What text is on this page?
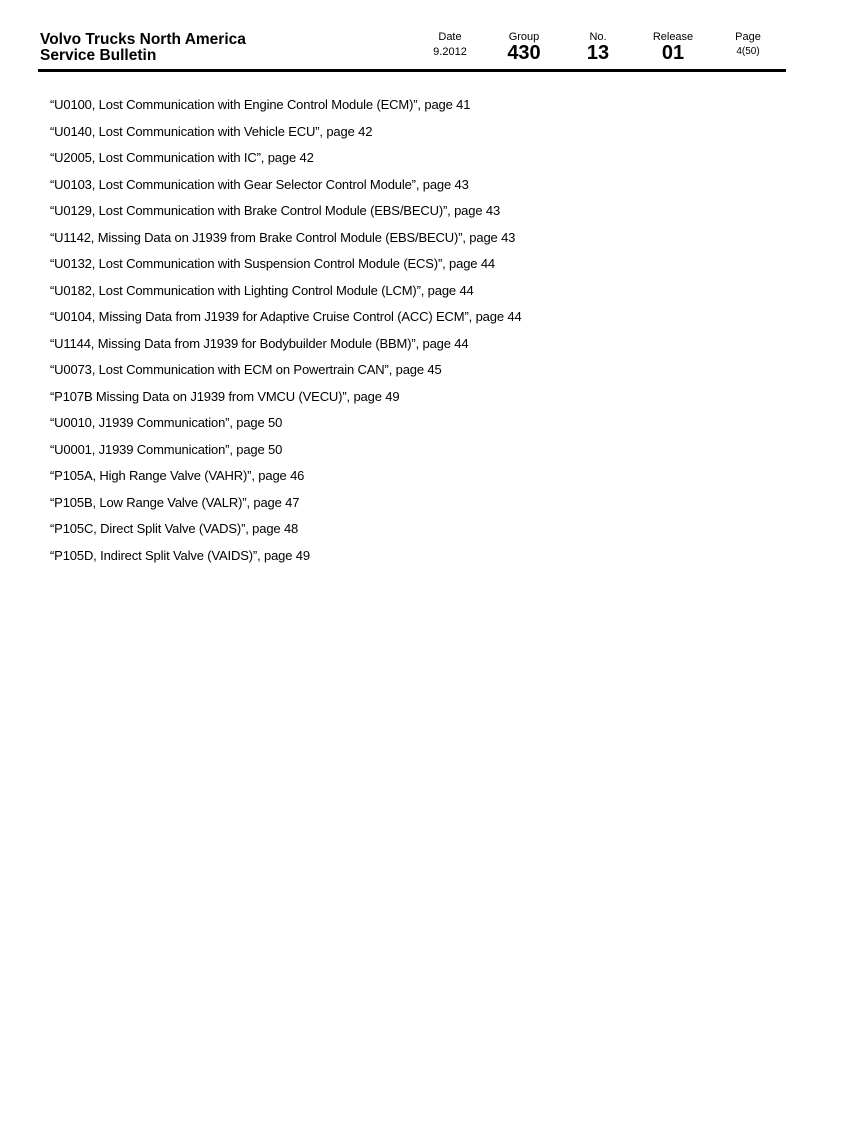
Volvo Trucks North America
Service Bulletin
Date
9.2012
Group
430
No.
13
Release
01
Page
4(50)
“U0100, Lost Communication with Engine Control Module (ECM)”, page 41
“U0140, Lost Communication with Vehicle ECU”, page 42
“U2005, Lost Communication with IC”, page 42
“U0103, Lost Communication with Gear Selector Control Module”, page 43
“U0129, Lost Communication with Brake Control Module (EBS/BECU)”, page 43
“U1142, Missing Data on J1939 from Brake Control Module (EBS/BECU)”, page 43
“U0132, Lost Communication with Suspension Control Module (ECS)”, page 44
“U0182, Lost Communication with Lighting Control Module (LCM)”, page 44
“U0104, Missing Data from J1939 for Adaptive Cruise Control (ACC) ECM”, page 44
“U1144, Missing Data from J1939 for Bodybuilder Module (BBM)”, page 44
“U0073, Lost Communication with ECM on Powertrain CAN”, page 45
“P107B Missing Data on J1939 from VMCU (VECU)”, page 49
“U0010, J1939 Communication”, page 50
“U0001, J1939 Communication”, page 50
“P105A, High Range Valve (VAHR)”, page 46
“P105B, Low Range Valve (VALR)”, page 47
“P105C, Direct Split Valve (VADS)”, page 48
“P105D, Indirect Split Valve (VAIDS)”, page 49
